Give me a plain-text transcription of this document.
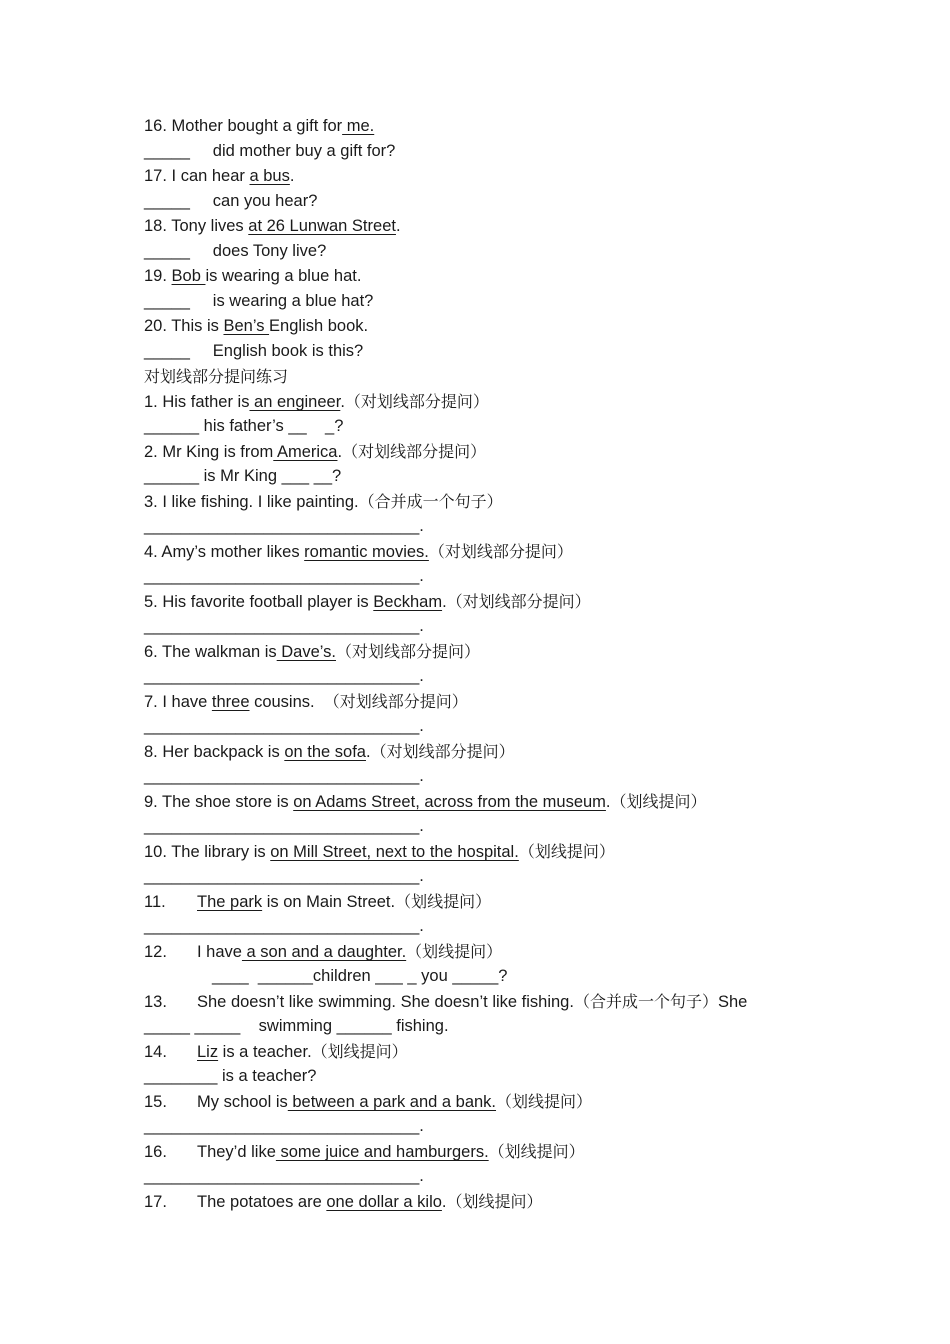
16. Mother bought a gift for me.
_____     did mother buy a gift for?
17. I can hear a bus.
_____     can you hear?
18. Tony lives at 26 Lunwan Street.
_____     does Tony live?
19. Bob is wearing a blue hat.
_____     is wearing a blue hat?
20. This is Ben’s English book.
_____     English book is this?
对划线部分提问练习
1. His father is an engineer.（对划线部分提问）
______ his father’s __    _?
2. Mr King is from America.（对划线部分提问）
______ is Mr King ___ __?
3. I like fishing. I like painting.（合并成一个句子）
______________________________.
4. Amy’s mother likes romantic movies.（对划线部分提问）
______________________________.
5. His favorite football player is Beckham.（对划线部分提问）
______________________________.
6. The walkman is Dave’s.（对划线部分提问）
______________________________.
7. I have three cousins.  （对划线部分提问）
______________________________.
8. Her backpack is on the sofa.（对划线部分提问）
______________________________.
9. The shoe store is on Adams Street, across from the museum.（划线提问）
______________________________.
10. The library is on Mill Street, next to the hospital.（划线提问）
______________________________.
11. The park is on Main Street.（划线提问）
______________________________.
12. I have a son and a daughter.（划线提问）
____  ______children ___ _ you _____?
13. She doesn’t like swimming. She doesn’t like fishing.（合并成一个句子）She
_____ _____    swimming ______ fishing.
14. Liz is a teacher.（划线提问）
________ is a teacher?
15. My school is between a park and a bank.（划线提问）
______________________________.
16. They’d like some juice and hamburgers.（划线提问）
______________________________.
17. The potatoes are one dollar a kilo.（划线提问）
